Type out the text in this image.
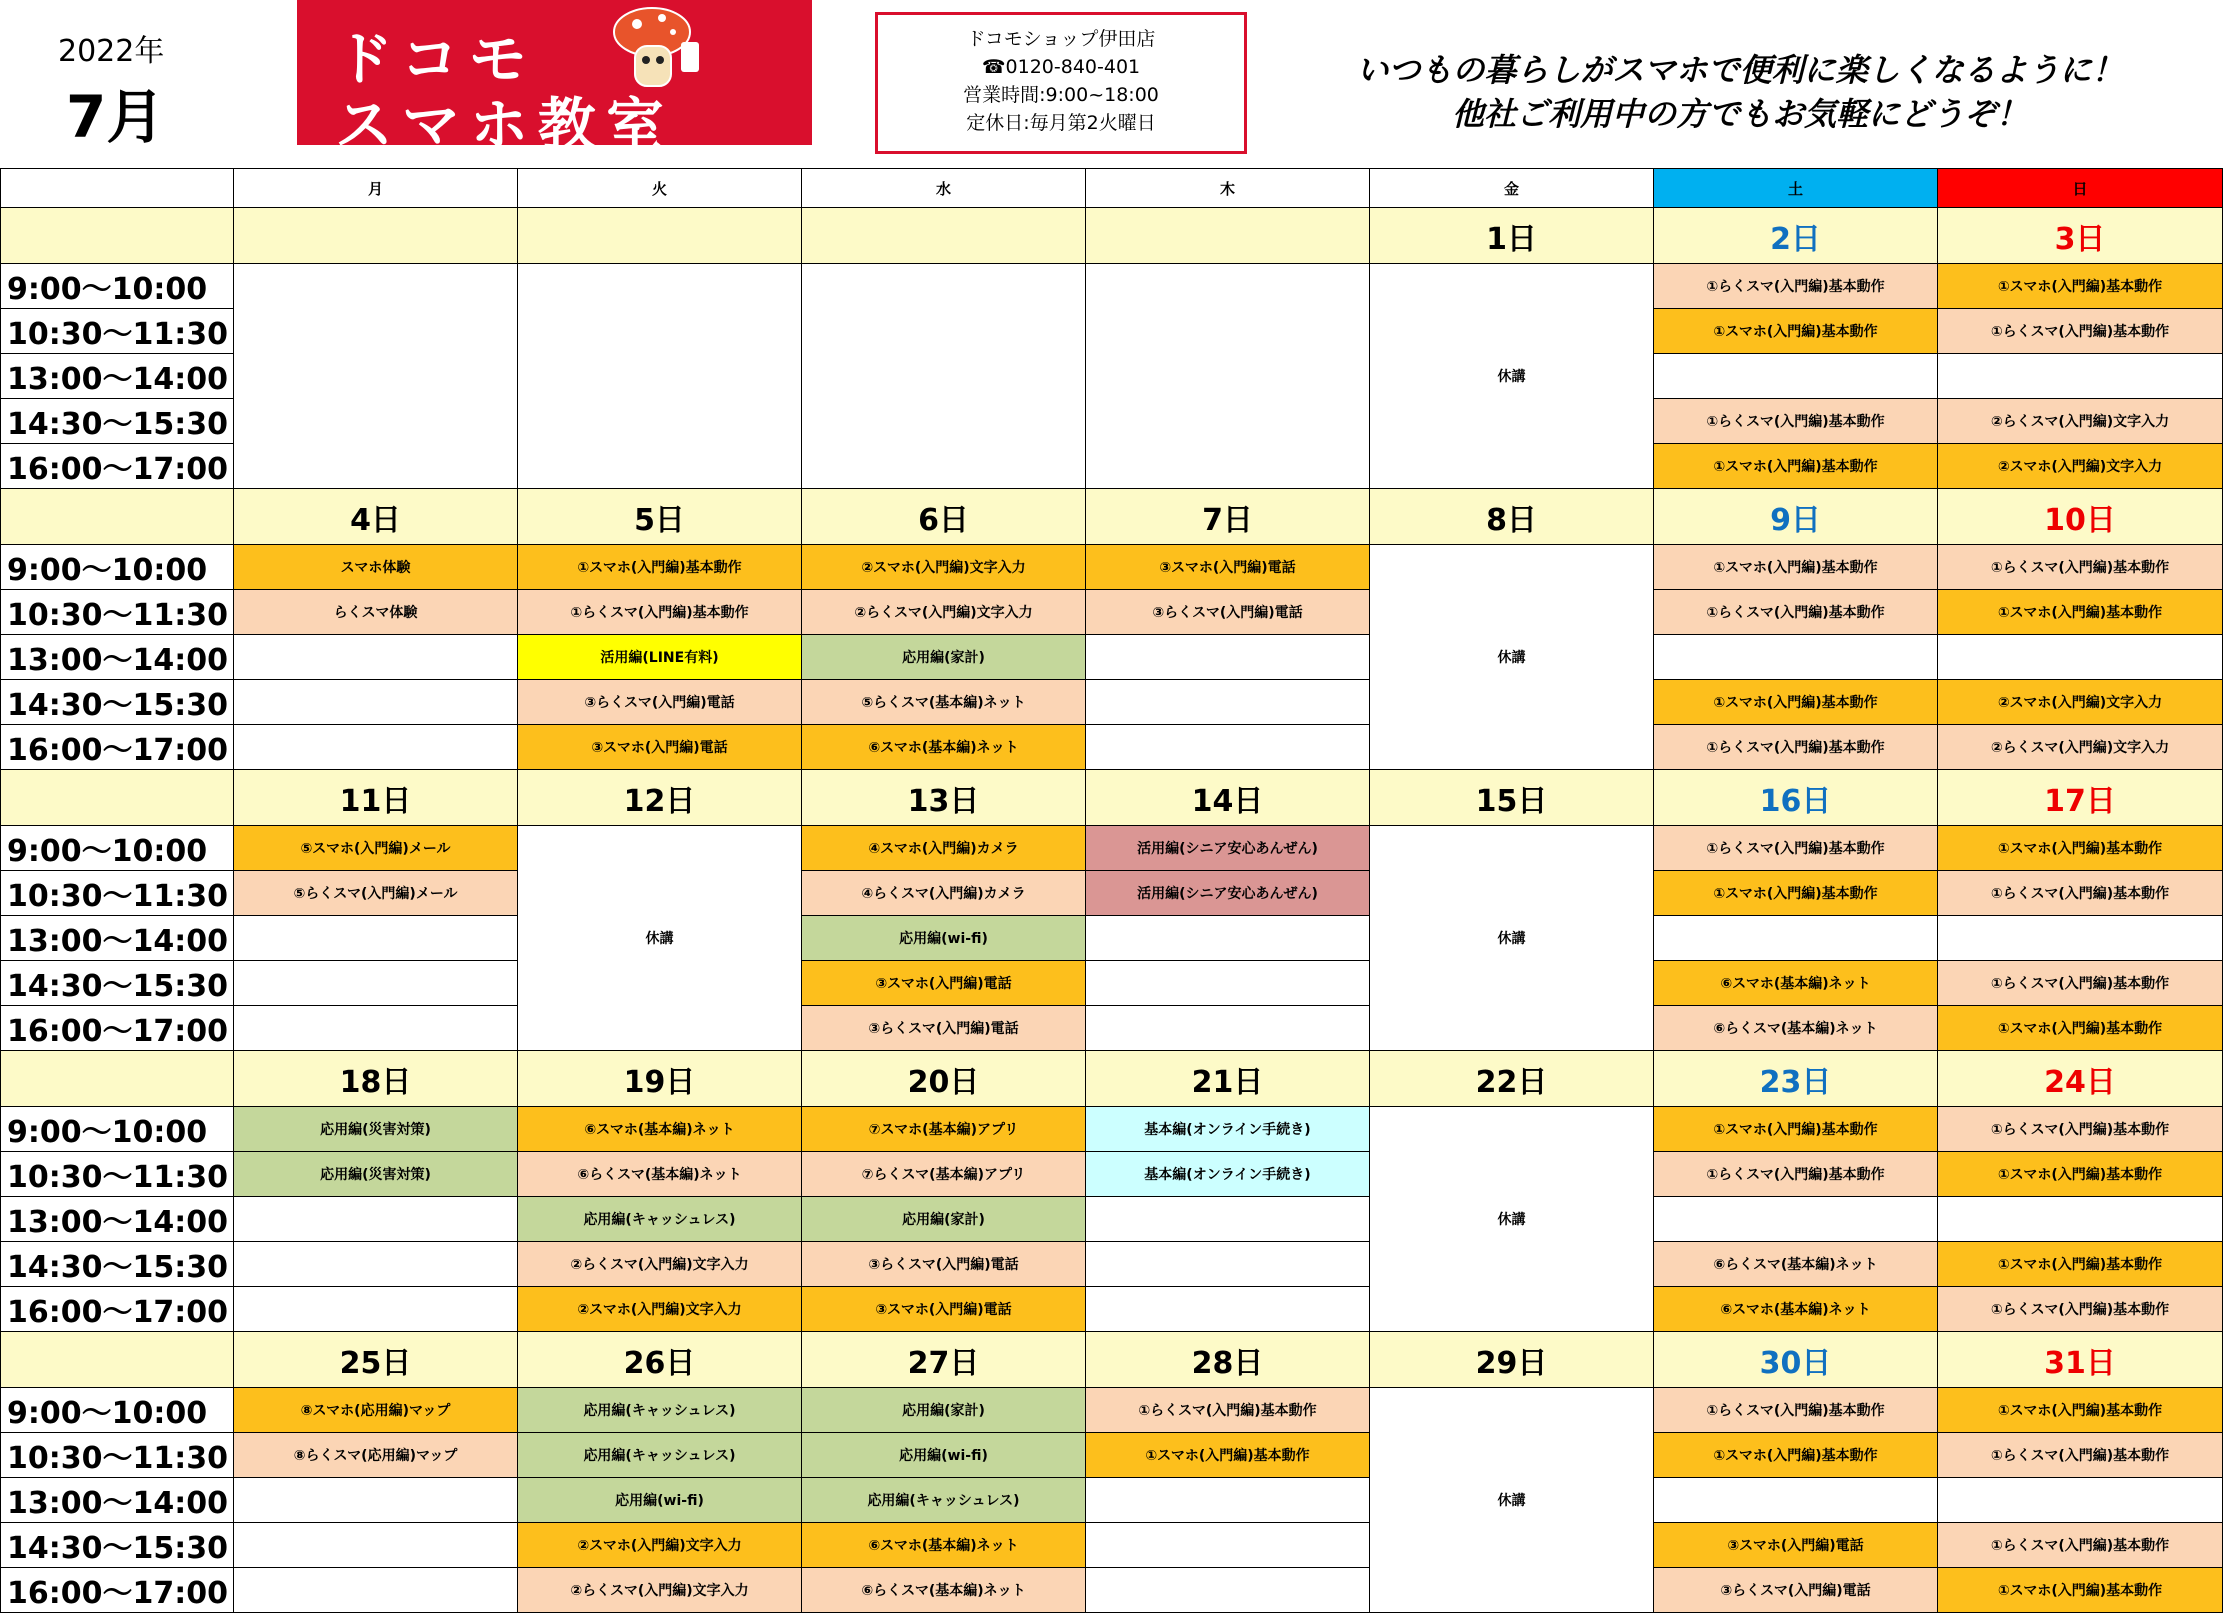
2022年
7月
ドコモ
スマホ教室
ドコモショップ伊田店
☎0120-840-401
営業時間:9:00~18:00
定休日:毎月第2火曜日
いつもの暮らしがスマホで便利に楽しくなるように！
他社ご利用中の方でもお気軽にどうぞ！
	月	火	水	木	金	土	日
					1日	2日	3日
9:00～10:00					休講	①らくスマ(入門編)基本動作	①スマホ(入門編)基本動作
10:30～11:30						①スマホ(入門編)基本動作	①らくスマ(入門編)基本動作
13:00～14:00							
14:30～15:30						①らくスマ(入門編)基本動作	②らくスマ(入門編)文字入力
16:00～17:00						①スマホ(入門編)基本動作	②スマホ(入門編)文字入力
	4日	5日	6日	7日	8日	9日	10日
9:00～10:00	スマホ体験	①スマホ(入門編)基本動作	②スマホ(入門編)文字入力	③スマホ(入門編)電話	休講	①スマホ(入門編)基本動作	①らくスマ(入門編)基本動作
10:30～11:30	らくスマ体験	①らくスマ(入門編)基本動作	②らくスマ(入門編)文字入力	③らくスマ(入門編)電話		①らくスマ(入門編)基本動作	①スマホ(入門編)基本動作
13:00～14:00		活用編(LINE有料)	応用編(家計)				
14:30～15:30		③らくスマ(入門編)電話	⑤らくスマ(基本編)ネット			①スマホ(入門編)基本動作	②スマホ(入門編)文字入力
16:00～17:00		③スマホ(入門編)電話	⑥スマホ(基本編)ネット			①らくスマ(入門編)基本動作	②らくスマ(入門編)文字入力
	11日	12日	13日	14日	15日	16日	17日
9:00～10:00	⑤スマホ(入門編)メール	休講	④スマホ(入門編)カメラ	活用編(シニア安心あんぜん)	休講	①らくスマ(入門編)基本動作	①スマホ(入門編)基本動作
10:30～11:30	⑤らくスマ(入門編)メール		④らくスマ(入門編)カメラ	活用編(シニア安心あんぜん)		①スマホ(入門編)基本動作	①らくスマ(入門編)基本動作
13:00～14:00			応用編(wi-fi)				
14:30～15:30			③スマホ(入門編)電話			⑥スマホ(基本編)ネット	①らくスマ(入門編)基本動作
16:00～17:00			③らくスマ(入門編)電話			⑥らくスマ(基本編)ネット	①スマホ(入門編)基本動作
	18日	19日	20日	21日	22日	23日	24日
9:00～10:00	応用編(災害対策)	⑥スマホ(基本編)ネット	⑦スマホ(基本編)アプリ	基本編(オンライン手続き)	休講	①スマホ(入門編)基本動作	①らくスマ(入門編)基本動作
10:30～11:30	応用編(災害対策)	⑥らくスマ(基本編)ネット	⑦らくスマ(基本編)アプリ	基本編(オンライン手続き)		①らくスマ(入門編)基本動作	①スマホ(入門編)基本動作
13:00～14:00		応用編(キャッシュレス)	応用編(家計)				
14:30～15:30		②らくスマ(入門編)文字入力	③らくスマ(入門編)電話			⑥らくスマ(基本編)ネット	①スマホ(入門編)基本動作
16:00～17:00		②スマホ(入門編)文字入力	③スマホ(入門編)電話			⑥スマホ(基本編)ネット	①らくスマ(入門編)基本動作
	25日	26日	27日	28日	29日	30日	31日
9:00～10:00	⑧スマホ(応用編)マップ	応用編(キャッシュレス)	応用編(家計)	①らくスマ(入門編)基本動作	休講	①らくスマ(入門編)基本動作	①スマホ(入門編)基本動作
10:30～11:30	⑧らくスマ(応用編)マップ	応用編(キャッシュレス)	応用編(wi-fi)	①スマホ(入門編)基本動作		①スマホ(入門編)基本動作	①らくスマ(入門編)基本動作
13:00～14:00		応用編(wi-fi)	応用編(キャッシュレス)				
14:30～15:30		②スマホ(入門編)文字入力	⑥スマホ(基本編)ネット			③スマホ(入門編)電話	①らくスマ(入門編)基本動作
16:00～17:00		②らくスマ(入門編)文字入力	⑥らくスマ(基本編)ネット			③らくスマ(入門編)電話	①スマホ(入門編)基本動作
